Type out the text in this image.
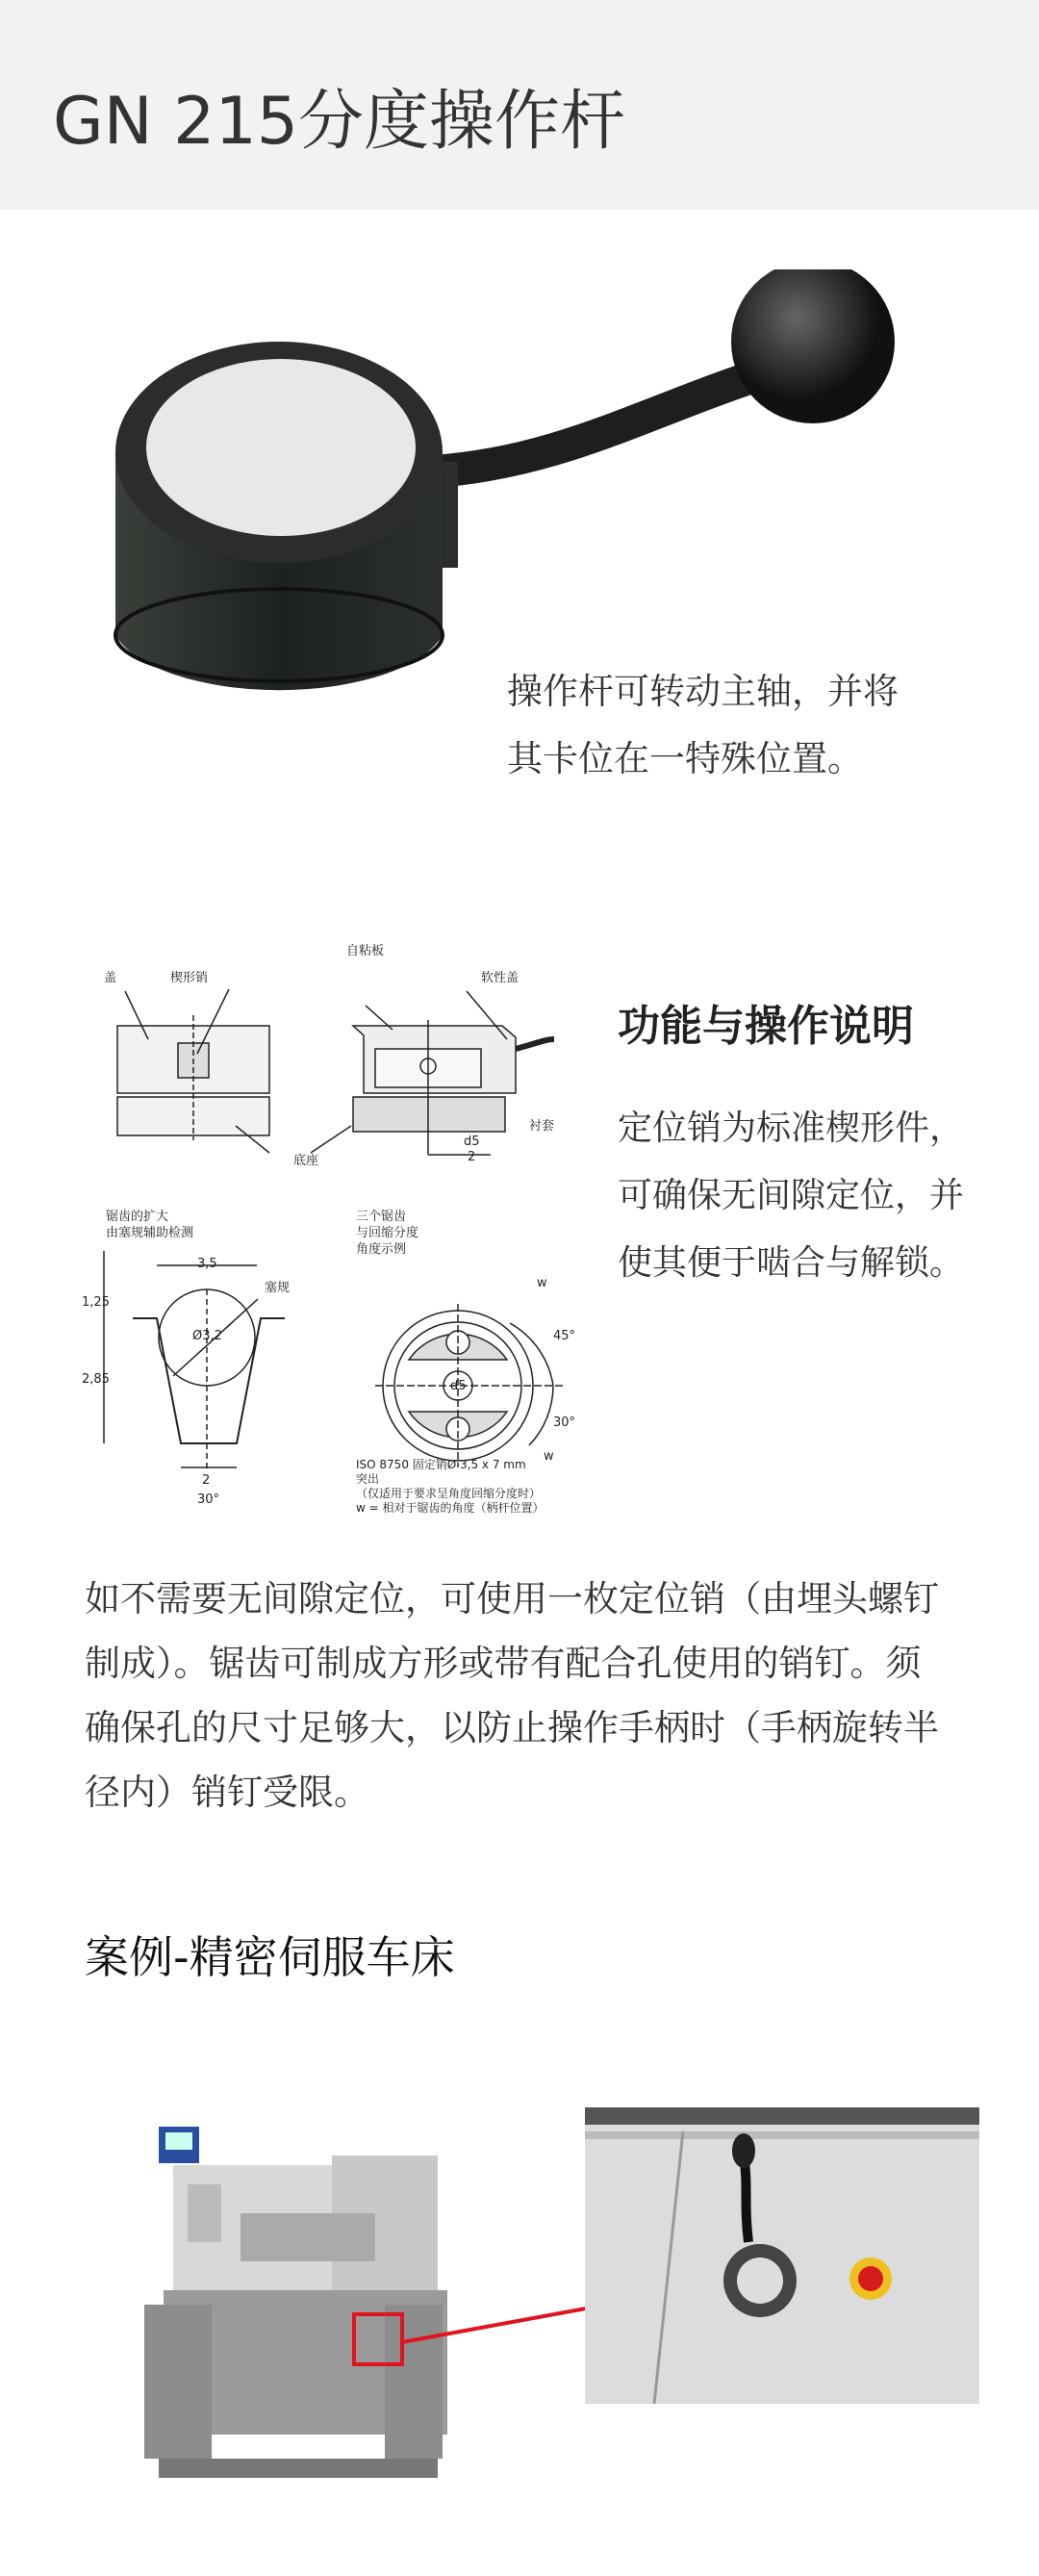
GN 215分度操作杆
操作杆可转动主轴，并将
其卡位在一特殊位置。
盖	楔形销
自粘板
软性盖
底座
衬套
d5
2
锯齿的扩大
由塞规辅助检测
3,5
1,25
2,85
塞规
Ø3,2
2
30°
三个锯齿
与回缩分度
角度示例
45°
30°
w
w
d5
ISO 8750 固定销Ø 3,5 x 7 mm
突出
（仅适用于要求呈角度回缩分度时）
w = 相对于锯齿的角度（柄杆位置）
功能与操作说明
定位销为标准楔形件，
可确保无间隙定位，并
使其便于啮合与解锁。
如不需要无间隙定位，可使用一枚定位销（由埋头螺钉
制成）。锯齿可制成方形或带有配合孔使用的销钉。须
确保孔的尺寸足够大，以防止操作手柄时（手柄旋转半
径内）销钉受限。
案例-精密伺服车床
